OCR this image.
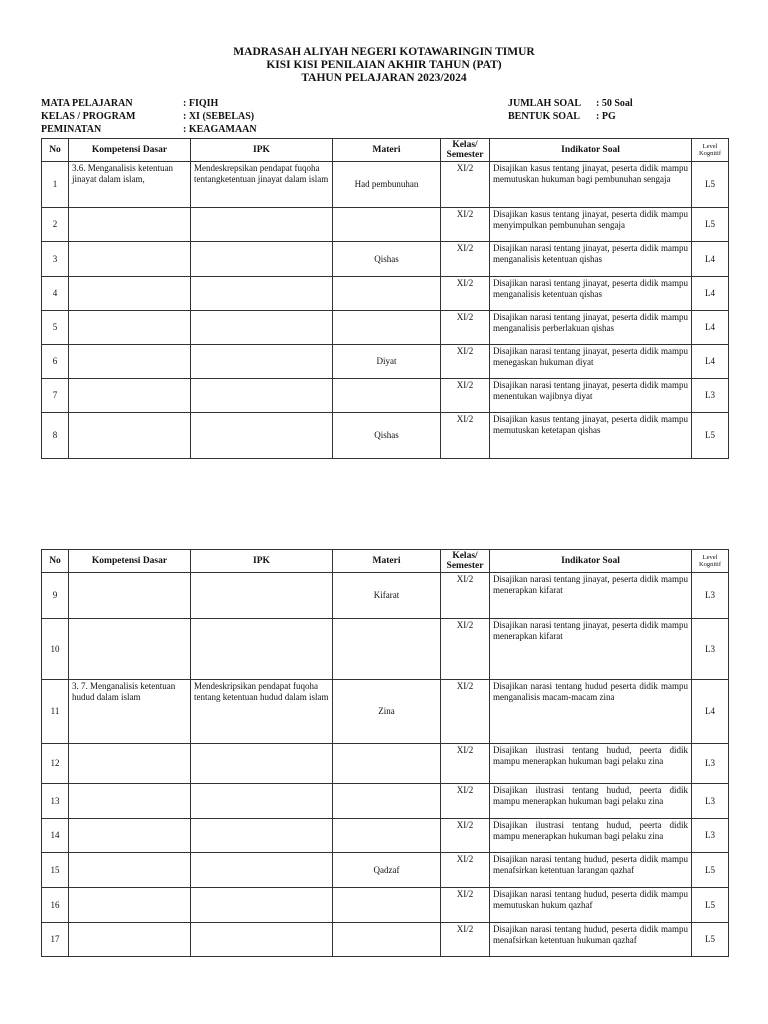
MADRASAH ALIYAH NEGERI KOTAWARINGIN TIMUR
KISI KISI PENILAIAN AKHIR TAHUN (PAT)
TAHUN PELAJARAN 2023/2024
MATA PELAJARAN	: FIQIH
KELAS / PROGRAM	: XI (SEBELAS)
PEMINATAN	: KEAGAMAAN
JUMLAH SOAL : 50 Soal
BENTUK SOAL : PG
No	Kompetensi Dasar	IPK	Materi	Kelas/
Semester	Indikator Soal	Level
Kognitif
1	3.6. Menganalisis ketentuan jinayat dalam islam,	Mendeskrepsikan pendapat fuqoha tentangketentuan jinayat dalam islam	Had pembunuhan	XI/2	Disajikan kasus tentang jinayat, peserta didik mampu memutuskan hukuman bagi pembunuhan sengaja	L5
2				XI/2	Disajikan kasus tentang jinayat, peserta didik mampu menyimpulkan pembunuhan sengaja	L5
3			Qishas	XI/2	Disajikan narasi tentang jinayat, peserta didik mampu menganalisis ketentuan qishas	L4
4				XI/2	Disajikan narasi tentang jinayat, peserta didik mampu menganalisis ketentuan qishas	L4
5				XI/2	Disajikan narasi tentang jinayat, peserta didik mampu menganalisis perberlakuan qishas	L4
6			Diyat	XI/2	Disajikan narasi tentang jinayat, peserta didik mampu menegaskan hukuman diyat	L4
7				XI/2	Disajikan narasi tentang jinayat, peserta didik mampu menentukan wajibnya diyat	L3
8			Qishas	XI/2	Disajikan kasus tentang jinayat, peserta didik mampu memutuskan ketetapan qishas	L5
No	Kompetensi Dasar	IPK	Materi	Kelas/
Semester	Indikator Soal	Level
Kognitif
9			Kifarat	XI/2	Disajikan narasi tentang jinayat, peserta didik mampu menerapkan kifarat	L3
10				XI/2	Disajikan narasi tentang jinayat, peserta didik mampu menerapkan kifarat	L3
11	3. 7. Menganalisis ketentuan hudud dalam islam	Mendeskripsikan pendapat fuqoha tentang ketentuan hudud dalam islam	Zina	XI/2	Disajikan narasi tentang hudud peserta didik mampu menganalisis macam-macam zina	L4
12				XI/2	Disajikan ilustrasi tentang hudud, peerta didik mampu menerapkan hukuman bagi pelaku zina	L3
13				XI/2	Disajikan ilustrasi tentang hudud, peerta didik mampu menerapkan hukuman bagi pelaku zina	L3
14				XI/2	Disajikan ilustrasi tentang hudud, peerta didik mampu menerapkan hukuman bagi pelaku zina	L3
15			Qadzaf	XI/2	Disajikan narasi tentang hudud, peserta didik mampu menafsirkan ketentuan larangan qazhaf	L5
16				XI/2	Disajikan narasi tentang hudud, peserta didik mampu memutuskan hukum qazhaf	L5
17				XI/2	Disajikan narasi tentang hudud, peserta didik mampu menafsirkan ketentuan hukuman qazhaf	L5
